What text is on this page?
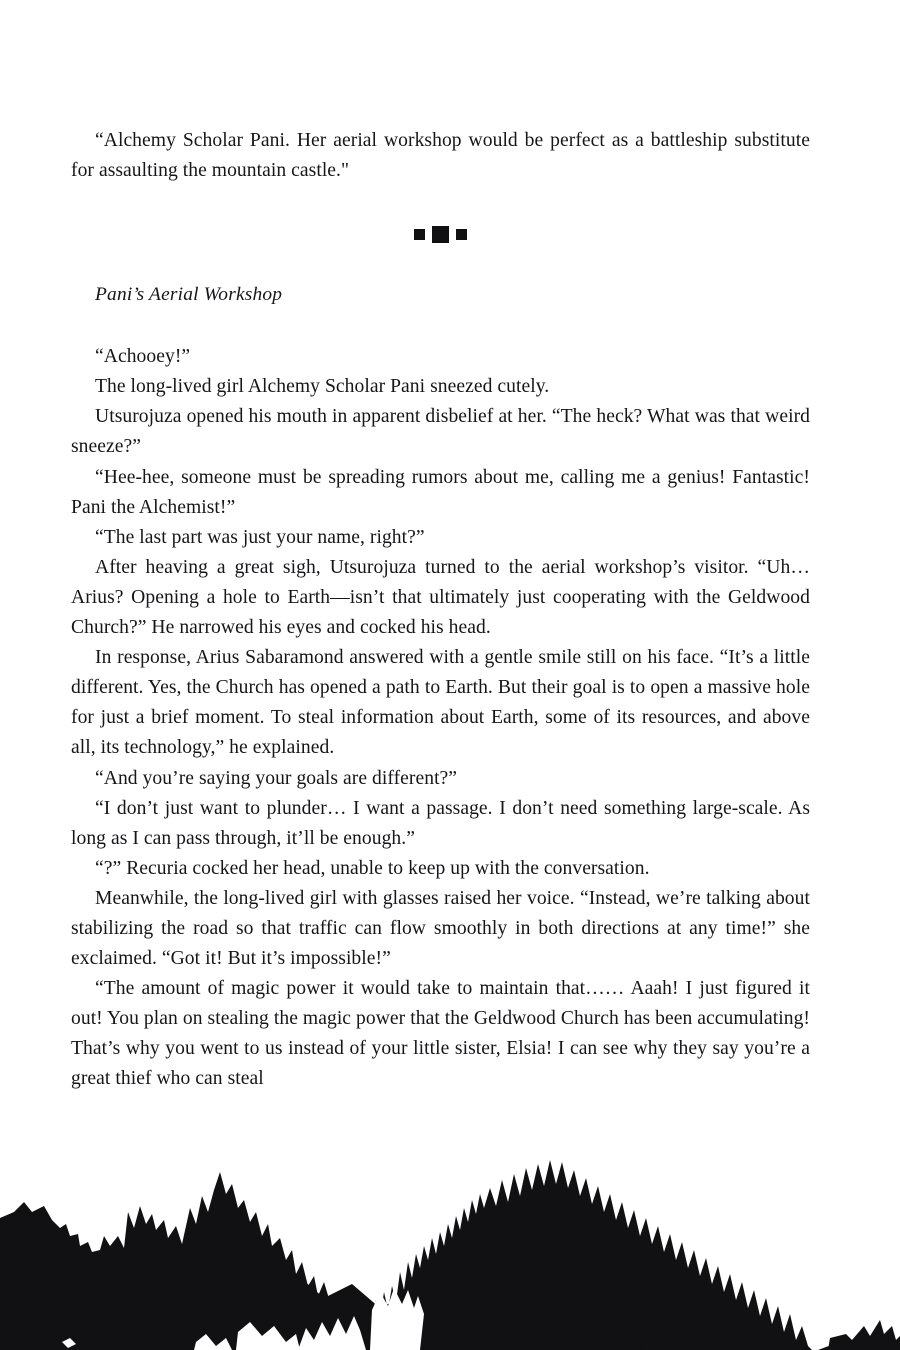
“Alchemy Scholar Pani. Her aerial workshop would be perfect as a battleship substitute for assaulting the mountain castle."

Pani’s Aerial Workshop

“Achooey!”

The long-lived girl Alchemy Scholar Pani sneezed cutely.

Utsurojuza opened his mouth in apparent disbelief at her. “The heck? What was that weird sneeze?”

“Hee-hee, someone must be spreading rumors about me, calling me a genius! Fantastic! Pani the Alchemist!”

“The last part was just your name, right?”

After heaving a great sigh, Utsurojuza turned to the aerial workshop’s visitor. “Uh…Arius? Opening a hole to Earth—isn’t that ultimately just cooperating with the Geldwood Church?” He narrowed his eyes and cocked his head.

In response, Arius Sabaramond answered with a gentle smile still on his face. “It’s a little different. Yes, the Church has opened a path to Earth. But their goal is to open a massive hole for just a brief moment. To steal information about Earth, some of its resources, and above all, its technology,” he explained.

“And you’re saying your goals are different?”

“I don’t just want to plunder… I want a passage. I don’t need something large-scale. As long as I can pass through, it’ll be enough.”

“?” Recuria cocked her head, unable to keep up with the conversation.

Meanwhile, the long-lived girl with glasses raised her voice. “Instead, we’re talking about stabilizing the road so that traffic can flow smoothly in both directions at any time!” she exclaimed. “Got it! But it’s impossible!”

“The amount of magic power it would take to maintain that…… Aaah! I just figured it out! You plan on stealing the magic power that the Geldwood Church has been accumulating! That’s why you went to us instead of your little sister, Elsia! I can see why they say you’re a great thief who can steal
